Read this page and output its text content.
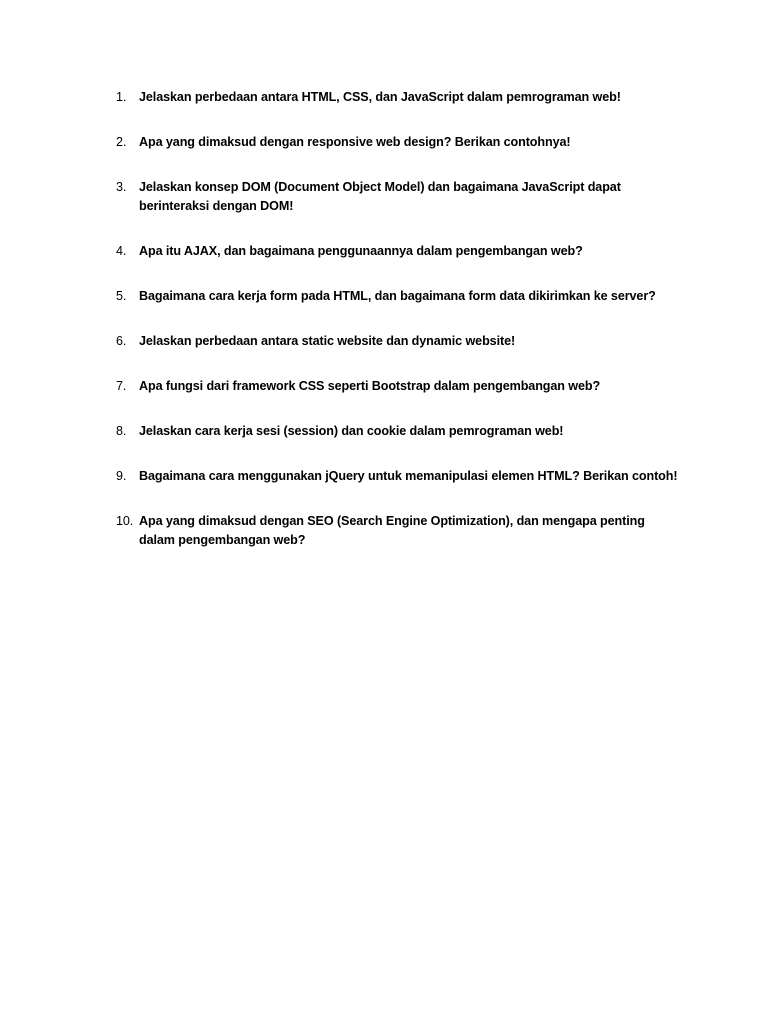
1. Jelaskan perbedaan antara HTML, CSS, dan JavaScript dalam pemrograman web!
2. Apa yang dimaksud dengan responsive web design? Berikan contohnya!
3. Jelaskan konsep DOM (Document Object Model) dan bagaimana JavaScript dapat berinteraksi dengan DOM!
4. Apa itu AJAX, dan bagaimana penggunaannya dalam pengembangan web?
5. Bagaimana cara kerja form pada HTML, dan bagaimana form data dikirimkan ke server?
6. Jelaskan perbedaan antara static website dan dynamic website!
7. Apa fungsi dari framework CSS seperti Bootstrap dalam pengembangan web?
8. Jelaskan cara kerja sesi (session) dan cookie dalam pemrograman web!
9. Bagaimana cara menggunakan jQuery untuk memanipulasi elemen HTML? Berikan contoh!
10. Apa yang dimaksud dengan SEO (Search Engine Optimization), dan mengapa penting dalam pengembangan web?
